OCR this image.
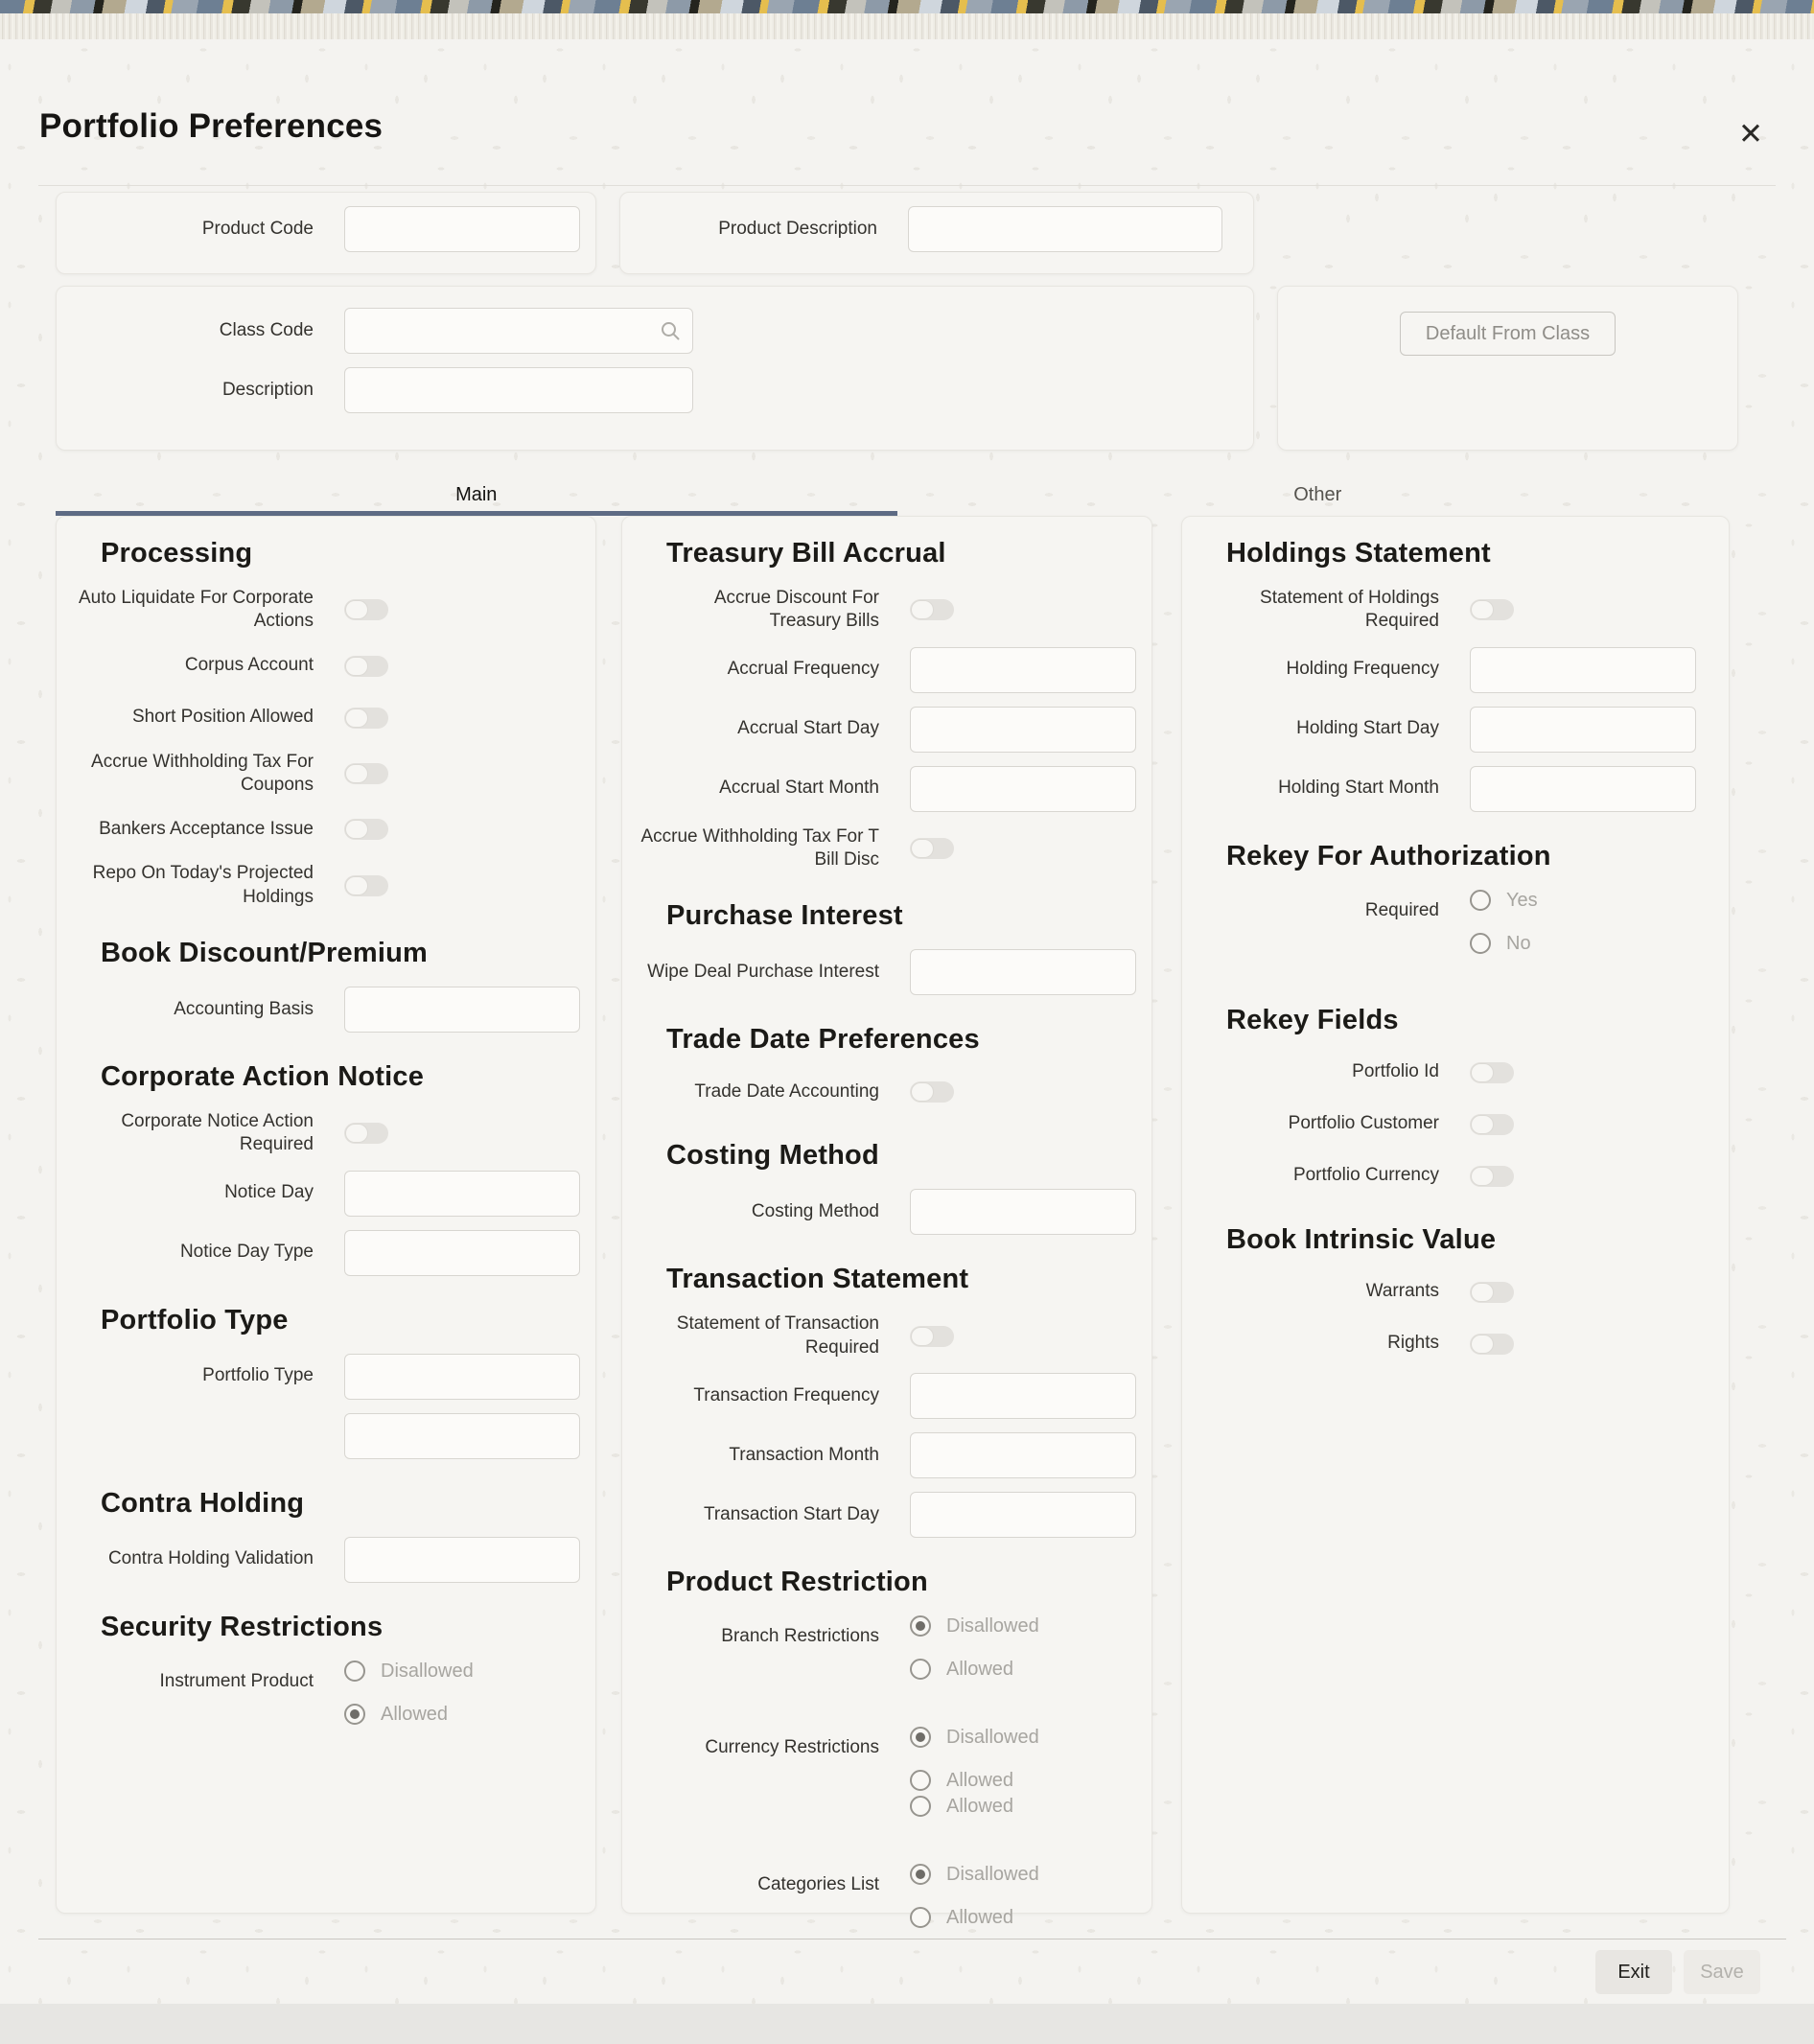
Portfolio Preferences	✕
Product Code	Product Description
Class Code
Description
Default From Class
Main	Other
Processing
Auto Liquidate For Corporate Actions
Corpus Account
Short Position Allowed
Accrue Withholding Tax For Coupons
Bankers Acceptance Issue
Repo On Today's Projected Holdings
Book Discount/Premium
Accounting Basis
Corporate Action Notice
Corporate Notice Action Required
Notice Day
Notice Day Type
Portfolio Type
Portfolio Type
Contra Holding
Contra Holding Validation
Security Restrictions
Instrument Product	Disallowed
Allowed
Treasury Bill Accrual
Accrue Discount For Treasury Bills
Accrual Frequency
Accrual Start Day
Accrual Start Month
Accrue Withholding Tax For T Bill Disc
Purchase Interest
Wipe Deal Purchase Interest
Trade Date Preferences
Trade Date Accounting
Costing Method
Costing Method
Transaction Statement
Statement of Transaction Required
Transaction Frequency
Transaction Month
Transaction Start Day
Product Restriction
Branch Restrictions	Disallowed
Allowed
Currency Restrictions	Disallowed
Allowed
Allowed
Categories List	Disallowed
Allowed
Holdings Statement
Statement of Holdings Required
Holding Frequency
Holding Start Day
Holding Start Month
Rekey For Authorization
Required	Yes
No
Rekey Fields
Portfolio Id
Portfolio Customer
Portfolio Currency
Book Intrinsic Value
Warrants
Rights
Exit	Save
